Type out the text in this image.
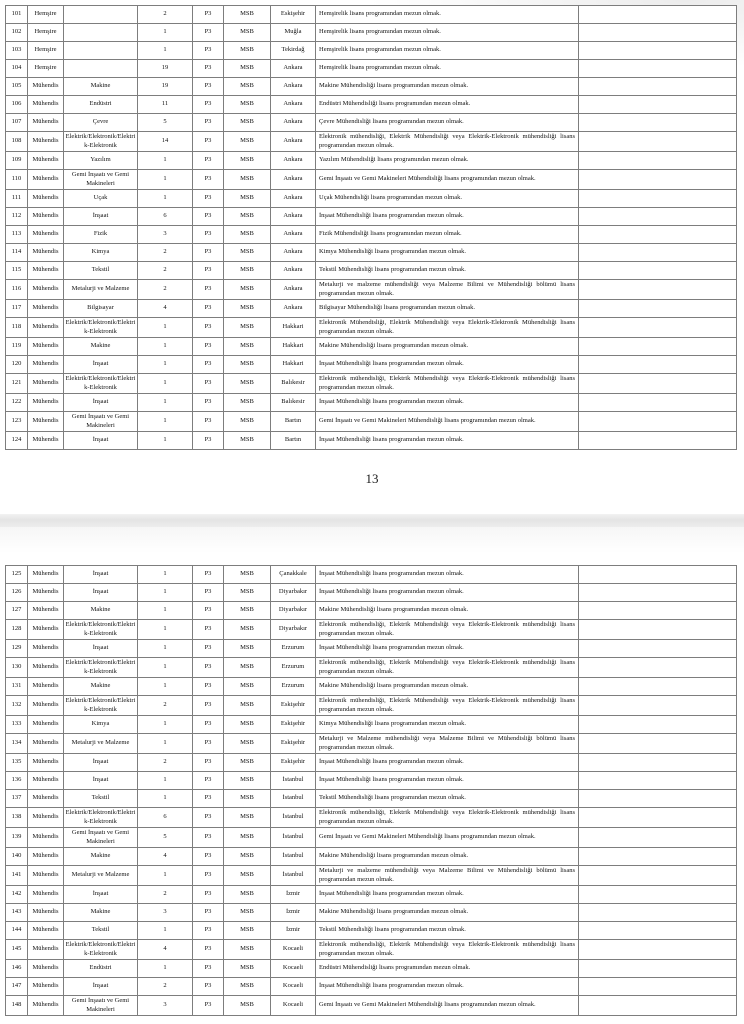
101	Hemşire		2	P3	MSB	Eskişehir	Hemşirelik lisans programından mezun olmak.	
102	Hemşire		1	P3	MSB	Muğla	Hemşirelik lisans programından mezun olmak.	
103	Hemşire		1	P3	MSB	Tekirdağ	Hemşirelik lisans programından mezun olmak.	
104	Hemşire		19	P3	MSB	Ankara	Hemşirelik lisans programından mezun olmak.	
105	Mühendis	Makine	19	P3	MSB	Ankara	Makine Mühendisliği lisans programından mezun olmak.	
106	Mühendis	Endüstri	11	P3	MSB	Ankara	Endüstri Mühendisliği lisans programından mezun olmak.	
107	Mühendis	Çevre	5	P3	MSB	Ankara	Çevre Mühendisliği lisans programından mezun olmak.	
108	Mühendis	Elektrik/Elektronik/Elektrik-Elektronik	14	P3	MSB	Ankara	Elektronik mühendisliği, Elektrik Mühendisliği veya Elektrik-Elektronik mühendisliği lisans programından mezun olmak.	
109	Mühendis	Yazılım	1	P3	MSB	Ankara	Yazılım Mühendisliği lisans programından mezun olmak.	
110	Mühendis	Gemi İnşaatı ve Gemi Makineleri	1	P3	MSB	Ankara	Gemi İnşaatı ve Gemi Makineleri Mühendisliği lisans programından mezun olmak.	
111	Mühendis	Uçak	1	P3	MSB	Ankara	Uçak Mühendisliği lisans programından mezun olmak.	
112	Mühendis	İnşaat	6	P3	MSB	Ankara	İnşaat Mühendisliği lisans programından mezun olmak.	
113	Mühendis	Fizik	3	P3	MSB	Ankara	Fizik Mühendisliği lisans programından mezun olmak.	
114	Mühendis	Kimya	2	P3	MSB	Ankara	Kimya Mühendisliği lisans programından mezun olmak.	
115	Mühendis	Tekstil	2	P3	MSB	Ankara	Tekstil Mühendisliği lisans programından mezun olmak.	
116	Mühendis	Metalurji ve Malzeme	2	P3	MSB	Ankara	Metalurji ve malzeme mühendisliği veya Malzeme Bilimi ve Mühendisliği bölümü lisans programından mezun olmak.	
117	Mühendis	Bilgisayar	4	P3	MSB	Ankara	Bilgisayar Mühendisliği lisans programından mezun olmak.	
118	Mühendis	Elektrik/Elektronik/Elektrik-Elektronik	1	P3	MSB	Hakkari	Elektronik Mühendisliği, Elektrik Mühendisliği veya Elektrik-Elektronik Mühendisliği lisans programından mezun olmak.	
119	Mühendis	Makine	1	P3	MSB	Hakkari	Makine Mühendisliği lisans programından mezun olmak.	
120	Mühendis	İnşaat	1	P3	MSB	Hakkari	İnşaat Mühendisliği lisans programından mezun olmak.	
121	Mühendis	Elektrik/Elektronik/Elektrik-Elektronik	1	P3	MSB	Balıkesir	Elektronik mühendisliği, Elektrik Mühendisliği veya Elektrik-Elektronik mühendisliği lisans programından mezun olmak.	
122	Mühendis	İnşaat	1	P3	MSB	Balıkesir	İnşaat Mühendisliği lisans programından mezun olmak.	
123	Mühendis	Gemi İnşaatı ve Gemi Makineleri	1	P3	MSB	Bartın	Gemi İnşaatı ve Gemi Makineleri Mühendisliği lisans programından mezun olmak.	
124	Mühendis	İnşaat	1	P3	MSB	Bartın	İnşaat Mühendisliği lisans programından mezun olmak.	
13
125	Mühendis	İnşaat	1	P3	MSB	Çanakkale	İnşaat Mühendisliği lisans programından mezun olmak.	
126	Mühendis	İnşaat	1	P3	MSB	Diyarbakır	İnşaat Mühendisliği lisans programından mezun olmak.	
127	Mühendis	Makine	1	P3	MSB	Diyarbakır	Makine Mühendisliği lisans programından mezun olmak.	
128	Mühendis	Elektrik/Elektronik/Elektrik-Elektronik	1	P3	MSB	Diyarbakır	Elektronik mühendisliği, Elektrik Mühendisliği veya Elektrik-Elektronik mühendisliği lisans programından mezun olmak.	
129	Mühendis	İnşaat	1	P3	MSB	Erzurum	İnşaat Mühendisliği lisans programından mezun olmak.	
130	Mühendis	Elektrik/Elektronik/Elektrik-Elektronik	1	P3	MSB	Erzurum	Elektronik mühendisliği, Elektrik Mühendisliği veya Elektrik-Elektronik mühendisliği lisans programından mezun olmak.	
131	Mühendis	Makine	1	P3	MSB	Erzurum	Makine Mühendisliği lisans programından mezun olmak.	
132	Mühendis	Elektrik/Elektronik/Elektrik-Elektronik	2	P3	MSB	Eskişehir	Elektronik mühendisliği, Elektrik Mühendisliği veya Elektrik-Elektronik mühendisliği lisans programından mezun olmak.	
133	Mühendis	Kimya	1	P3	MSB	Eskişehir	Kimya Mühendisliği lisans programından mezun olmak.	
134	Mühendis	Metalurji ve Malzeme	1	P3	MSB	Eskişehir	Metalurji ve Malzeme mühendisliği veya Malzeme Bilimi ve Mühendisliği bölümü lisans programından mezun olmak.	
135	Mühendis	İnşaat	2	P3	MSB	Eskişehir	İnşaat Mühendisliği lisans programından mezun olmak.	
136	Mühendis	İnşaat	1	P3	MSB	İstanbul	İnşaat Mühendisliği lisans programından mezun olmak.	
137	Mühendis	Tekstil	1	P3	MSB	İstanbul	Tekstil Mühendisliği lisans programından mezun olmak.	
138	Mühendis	Elektrik/Elektronik/Elektrik-Elektronik	6	P3	MSB	İstanbul	Elektronik mühendisliği, Elektrik Mühendisliği veya Elektrik-Elektronik mühendisliği lisans programından mezun olmak.	
139	Mühendis	Gemi İnşaatı ve Gemi Makineleri	5	P3	MSB	İstanbul	Gemi İnşaatı ve Gemi Makineleri Mühendisliği lisans programından mezun olmak.	
140	Mühendis	Makine	4	P3	MSB	İstanbul	Makine Mühendisliği lisans programından mezun olmak.	
141	Mühendis	Metalurji ve Malzeme	1	P3	MSB	İstanbul	Metalurji ve malzeme mühendisliği veya Malzeme Bilimi ve Mühendisliği bölümü lisans programından mezun olmak.	
142	Mühendis	İnşaat	2	P3	MSB	İzmir	İnşaat Mühendisliği lisans programından mezun olmak.	
143	Mühendis	Makine	3	P3	MSB	İzmir	Makine Mühendisliği lisans programından mezun olmak.	
144	Mühendis	Tekstil	1	P3	MSB	İzmir	Tekstil Mühendisliği lisans programından mezun olmak.	
145	Mühendis	Elektrik/Elektronik/Elektrik-Elektronik	4	P3	MSB	Kocaeli	Elektronik mühendisliği, Elektrik Mühendisliği veya Elektrik-Elektronik mühendisliği lisans programından mezun olmak.	
146	Mühendis	Endüstri	1	P3	MSB	Kocaeli	Endüstri Mühendisliği lisans programından mezun olmak.	
147	Mühendis	İnşaat	2	P3	MSB	Kocaeli	İnşaat Mühendisliği lisans programından mezun olmak.	
148	Mühendis	Gemi İnşaatı ve Gemi Makineleri	3	P3	MSB	Kocaeli	Gemi İnşaatı ve Gemi Makineleri Mühendisliği lisans programından mezun olmak.	
